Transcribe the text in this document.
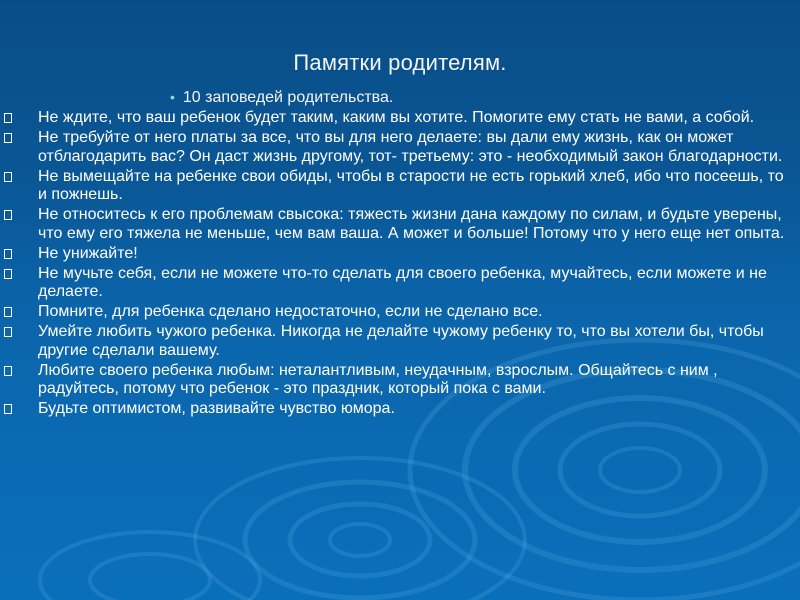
Памятки родителям.
• 10 заповедей родительства.
Не ждите, что ваш ребенок будет таким, каким вы хотите. Помогите ему стать не вами, а собой.
Не требуйте от него платы за все, что вы для него делаете: вы дали ему жизнь, как он может отблагодарить вас? Он даст жизнь другому, тот- третьему: это - необходимый закон благодарности.
Не вымещайте на ребенке свои обиды, чтобы в старости не есть горький хлеб, ибо что посеешь, то и пожнешь.
Не относитесь к его проблемам свысока: тяжесть жизни дана каждому по силам, и будьте уверены, что ему его тяжела не меньше, чем вам ваша. А может и больше! Потому что у него еще нет опыта.
Не унижайте!
Не мучьте себя, если не можете что-то сделать для своего ребенка, мучайтесь, если можете и не делаете.
Помните, для ребенка сделано недостаточно, если не сделано все.
Умейте любить чужого ребенка. Никогда не делайте чужому ребенку то, что вы хотели бы, чтобы другие сделали вашему.
Любите своего ребенка любым: неталантливым, неудачным, взрослым. Общайтесь с ним , радуйтесь, потому что ребенок - это праздник, который пока с вами.
Будьте оптимистом, развивайте чувство юмора.
